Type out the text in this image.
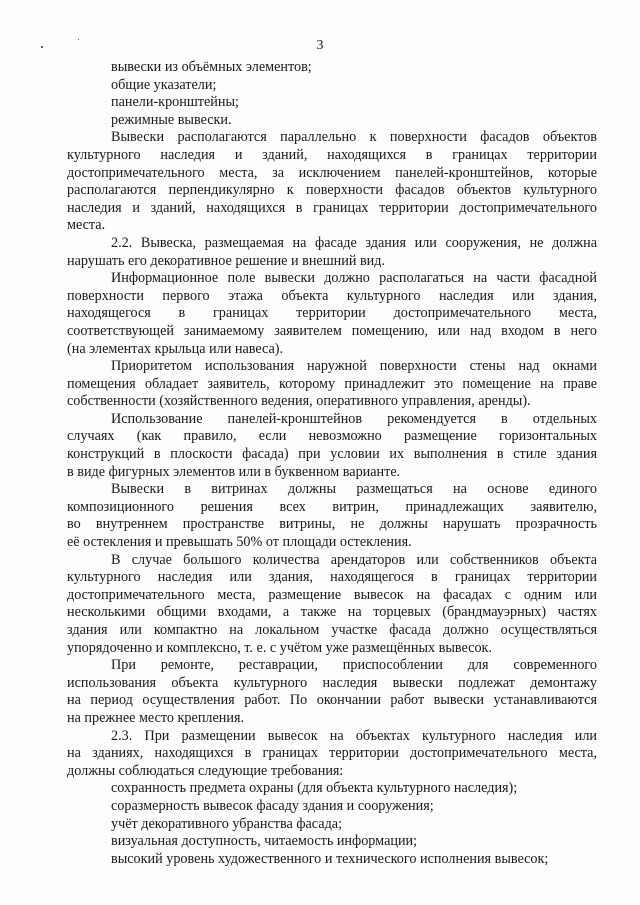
3
вывески из объёмных элементов;
общие указатели;
панели-кронштейны;
режимные вывески.
Вывески располагаются параллельно к поверхности фасадов объектов
культурного наследия и зданий, находящихся в границах территории
достопримечательного места, за исключением панелей-кронштейнов, которые
располагаются перпендикулярно к поверхности фасадов объектов культурного
наследия и зданий, находящихся в границах территории достопримечательного
места.
2.2. Вывеска, размещаемая на фасаде здания или сооружения, не должна
нарушать его декоративное решение и внешний вид.
Информационное поле вывески должно располагаться на части фасадной
поверхности первого этажа объекта культурного наследия или здания,
находящегося в границах территории достопримечательного места,
соответствующей занимаемому заявителем помещению, или над входом в него
(на элементах крыльца или навеса).
Приоритетом использования наружной поверхности стены над окнами
помещения обладает заявитель, которому принадлежит это помещение на праве
собственности (хозяйственного ведения, оперативного управления, аренды).
Использование панелей-кронштейнов рекомендуется в отдельных
случаях (как правило, если невозможно размещение горизонтальных
конструкций в плоскости фасада) при условии их выполнения в стиле здания
в виде фигурных элементов или в буквенном варианте.
Вывески в витринах должны размещаться на основе единого
композиционного решения всех витрин, принадлежащих заявителю,
во внутреннем пространстве витрины, не должны нарушать прозрачность
её остекления и превышать 50% от площади остекления.
В случае большого количества арендаторов или собственников объекта
культурного наследия или здания, находящегося в границах территории
достопримечательного места, размещение вывесок на фасадах с одним или
несколькими общими входами, а также на торцевых (брандмауэрных) частях
здания или компактно на локальном участке фасада должно осуществляться
упорядоченно и комплексно, т. е. с учётом уже размещённых вывесок.
При ремонте, реставрации, приспособлении для современного
использования объекта культурного наследия вывески подлежат демонтажу
на период осуществления работ. По окончании работ вывески устанавливаются
на прежнее место крепления.
2.3. При размещении вывесок на объектах культурного наследия или
на зданиях, находящихся в границах территории достопримечательного места,
должны соблюдаться следующие требования:
сохранность предмета охраны (для объекта культурного наследия);
соразмерность вывесок фасаду здания и сооружения;
учёт декоративного убранства фасада;
визуальная доступность, читаемость информации;
высокий уровень художественного и технического исполнения вывесок;
